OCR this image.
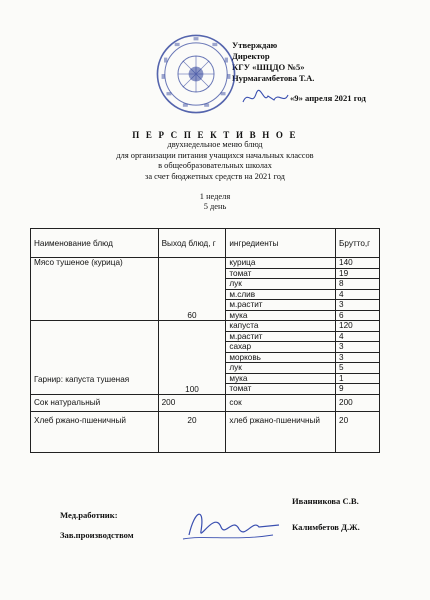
Утверждаю
Директор
КГУ «ШЦДО №5»
Нурмагамбетова Т.А.
«9» апреля 2021 год
П Е Р С П Е К Т И В Н О Е
двухнедельное меню блюд
для организации питания учащихся начальных классов
в общеобразовательных школах
за счет бюджетных средств на 2021 год
1 неделя
5 день
Наименование блюд	Выход блюд, г	ингредиенты	Брутто,г
Мясо тушеное (курица)	60	курица	140
		томат	19
		лук	8
		м.слив	4
		м.растит	3
		мука	6
Гарнир: капуста тушеная	100	капуста	120
		м.растит	4
		сахар	3
		морковь	3
		лук	5
		мука	1
		томат	9
Сок натуральный	200	сок	200
Хлеб ржано-пшеничный	20	хлеб ржано-пшеничный	20
Мед.работник:
Иванникова С.В.
Зав.производством
Калимбетов Д.Ж.
